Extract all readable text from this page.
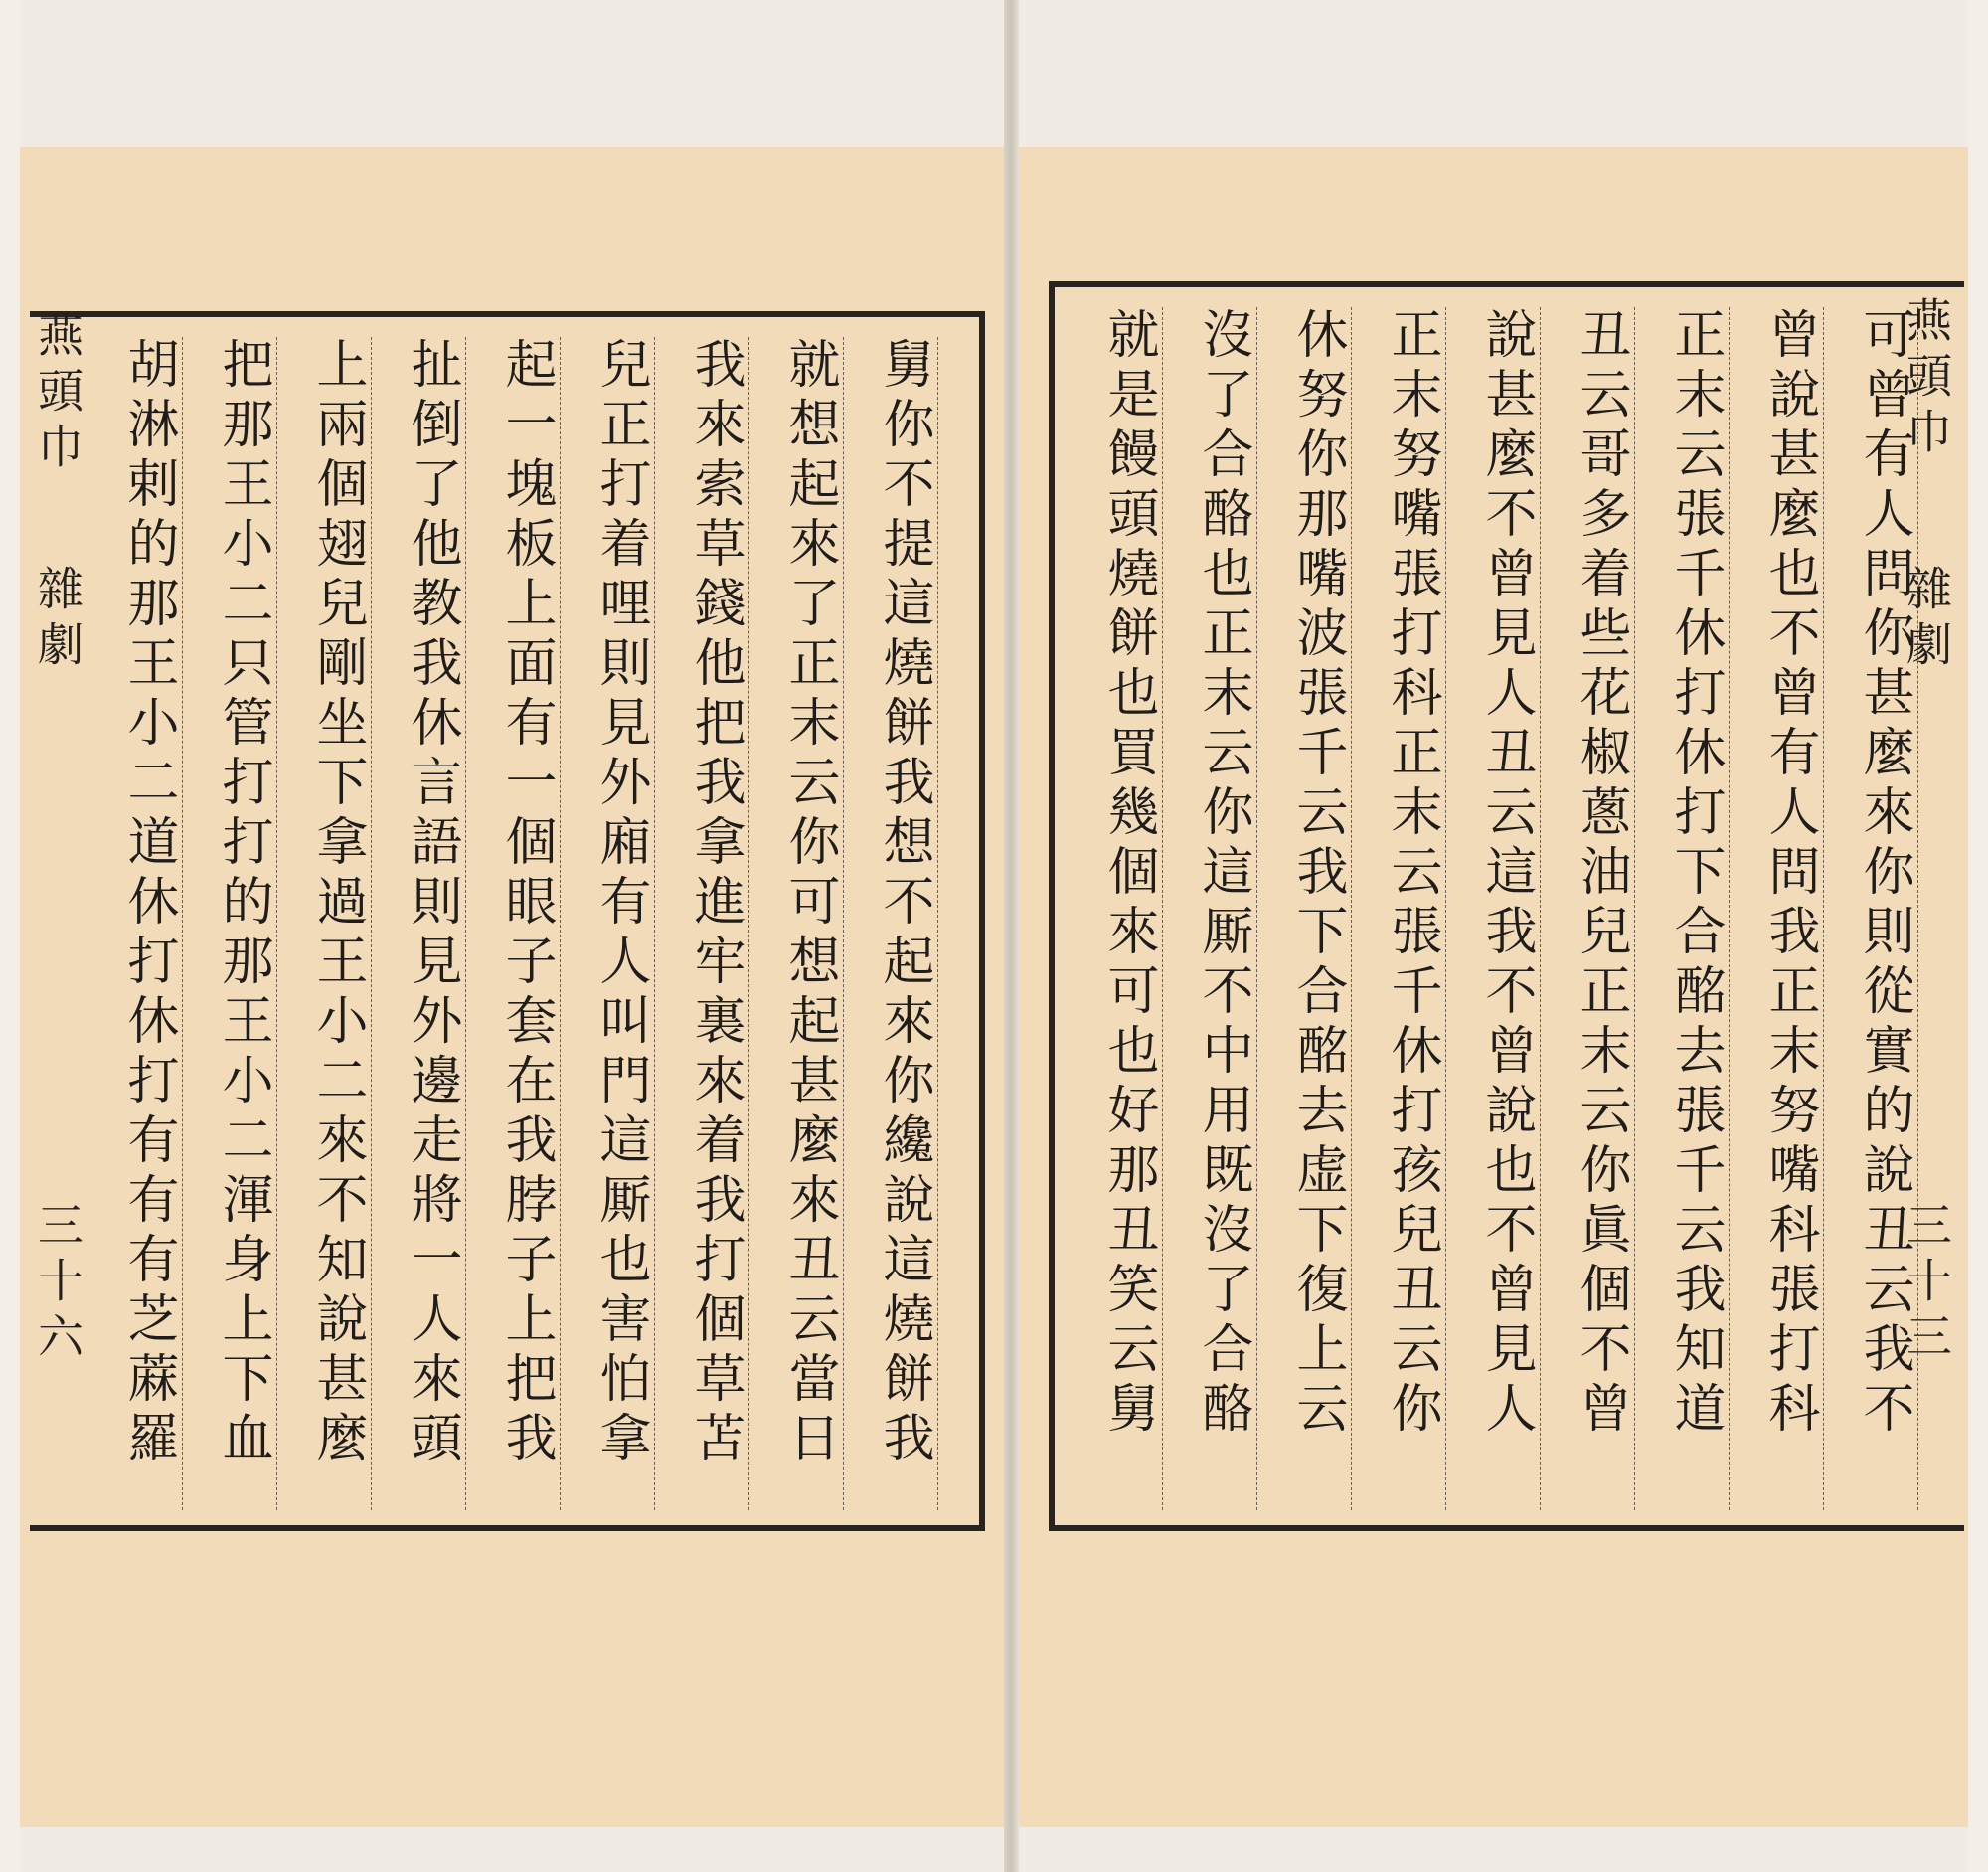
舅你不提這燒餅我想不起來你纔說這燒餅我
就想起來了正末云你可想起甚麼來丑云當日
我來索草錢他把我拿進牢裏來着我打個草苫
兒正打着哩則見外廂有人叫門這厮也害怕拿
起一塊板上面有一個眼子套在我脖子上把我
扯倒了他教我休言語則見外邊走將一人來頭
上兩個翅兒剛坐下拿過王小二來不知說甚麼
把那王小二只管打打的那王小二渾身上下血
胡淋剌的那王小二道休打休打有有有芝蔴羅
燕頭巾
雜劇
三十六	可曾有人問你甚麼來你則從實的說丑云我不
曾說甚麼也不曾有人問我正末努嘴科張打科
正末云張千休打休打下合酩去張千云我知道
丑云哥多着些花椒蔥油兒正末云你眞個不曾
說甚麼不曾見人丑云這我不曾說也不曾見人
正末努嘴張打科正末云張千休打孩兒丑云你
休努你那嘴波張千云我下合酩去虚下復上云
沒了合酪也正末云你這厮不中用既沒了合酪
就是饅頭燒餅也買幾個來可也好那丑笑云舅	燕頭巾
雜劇
三十三
